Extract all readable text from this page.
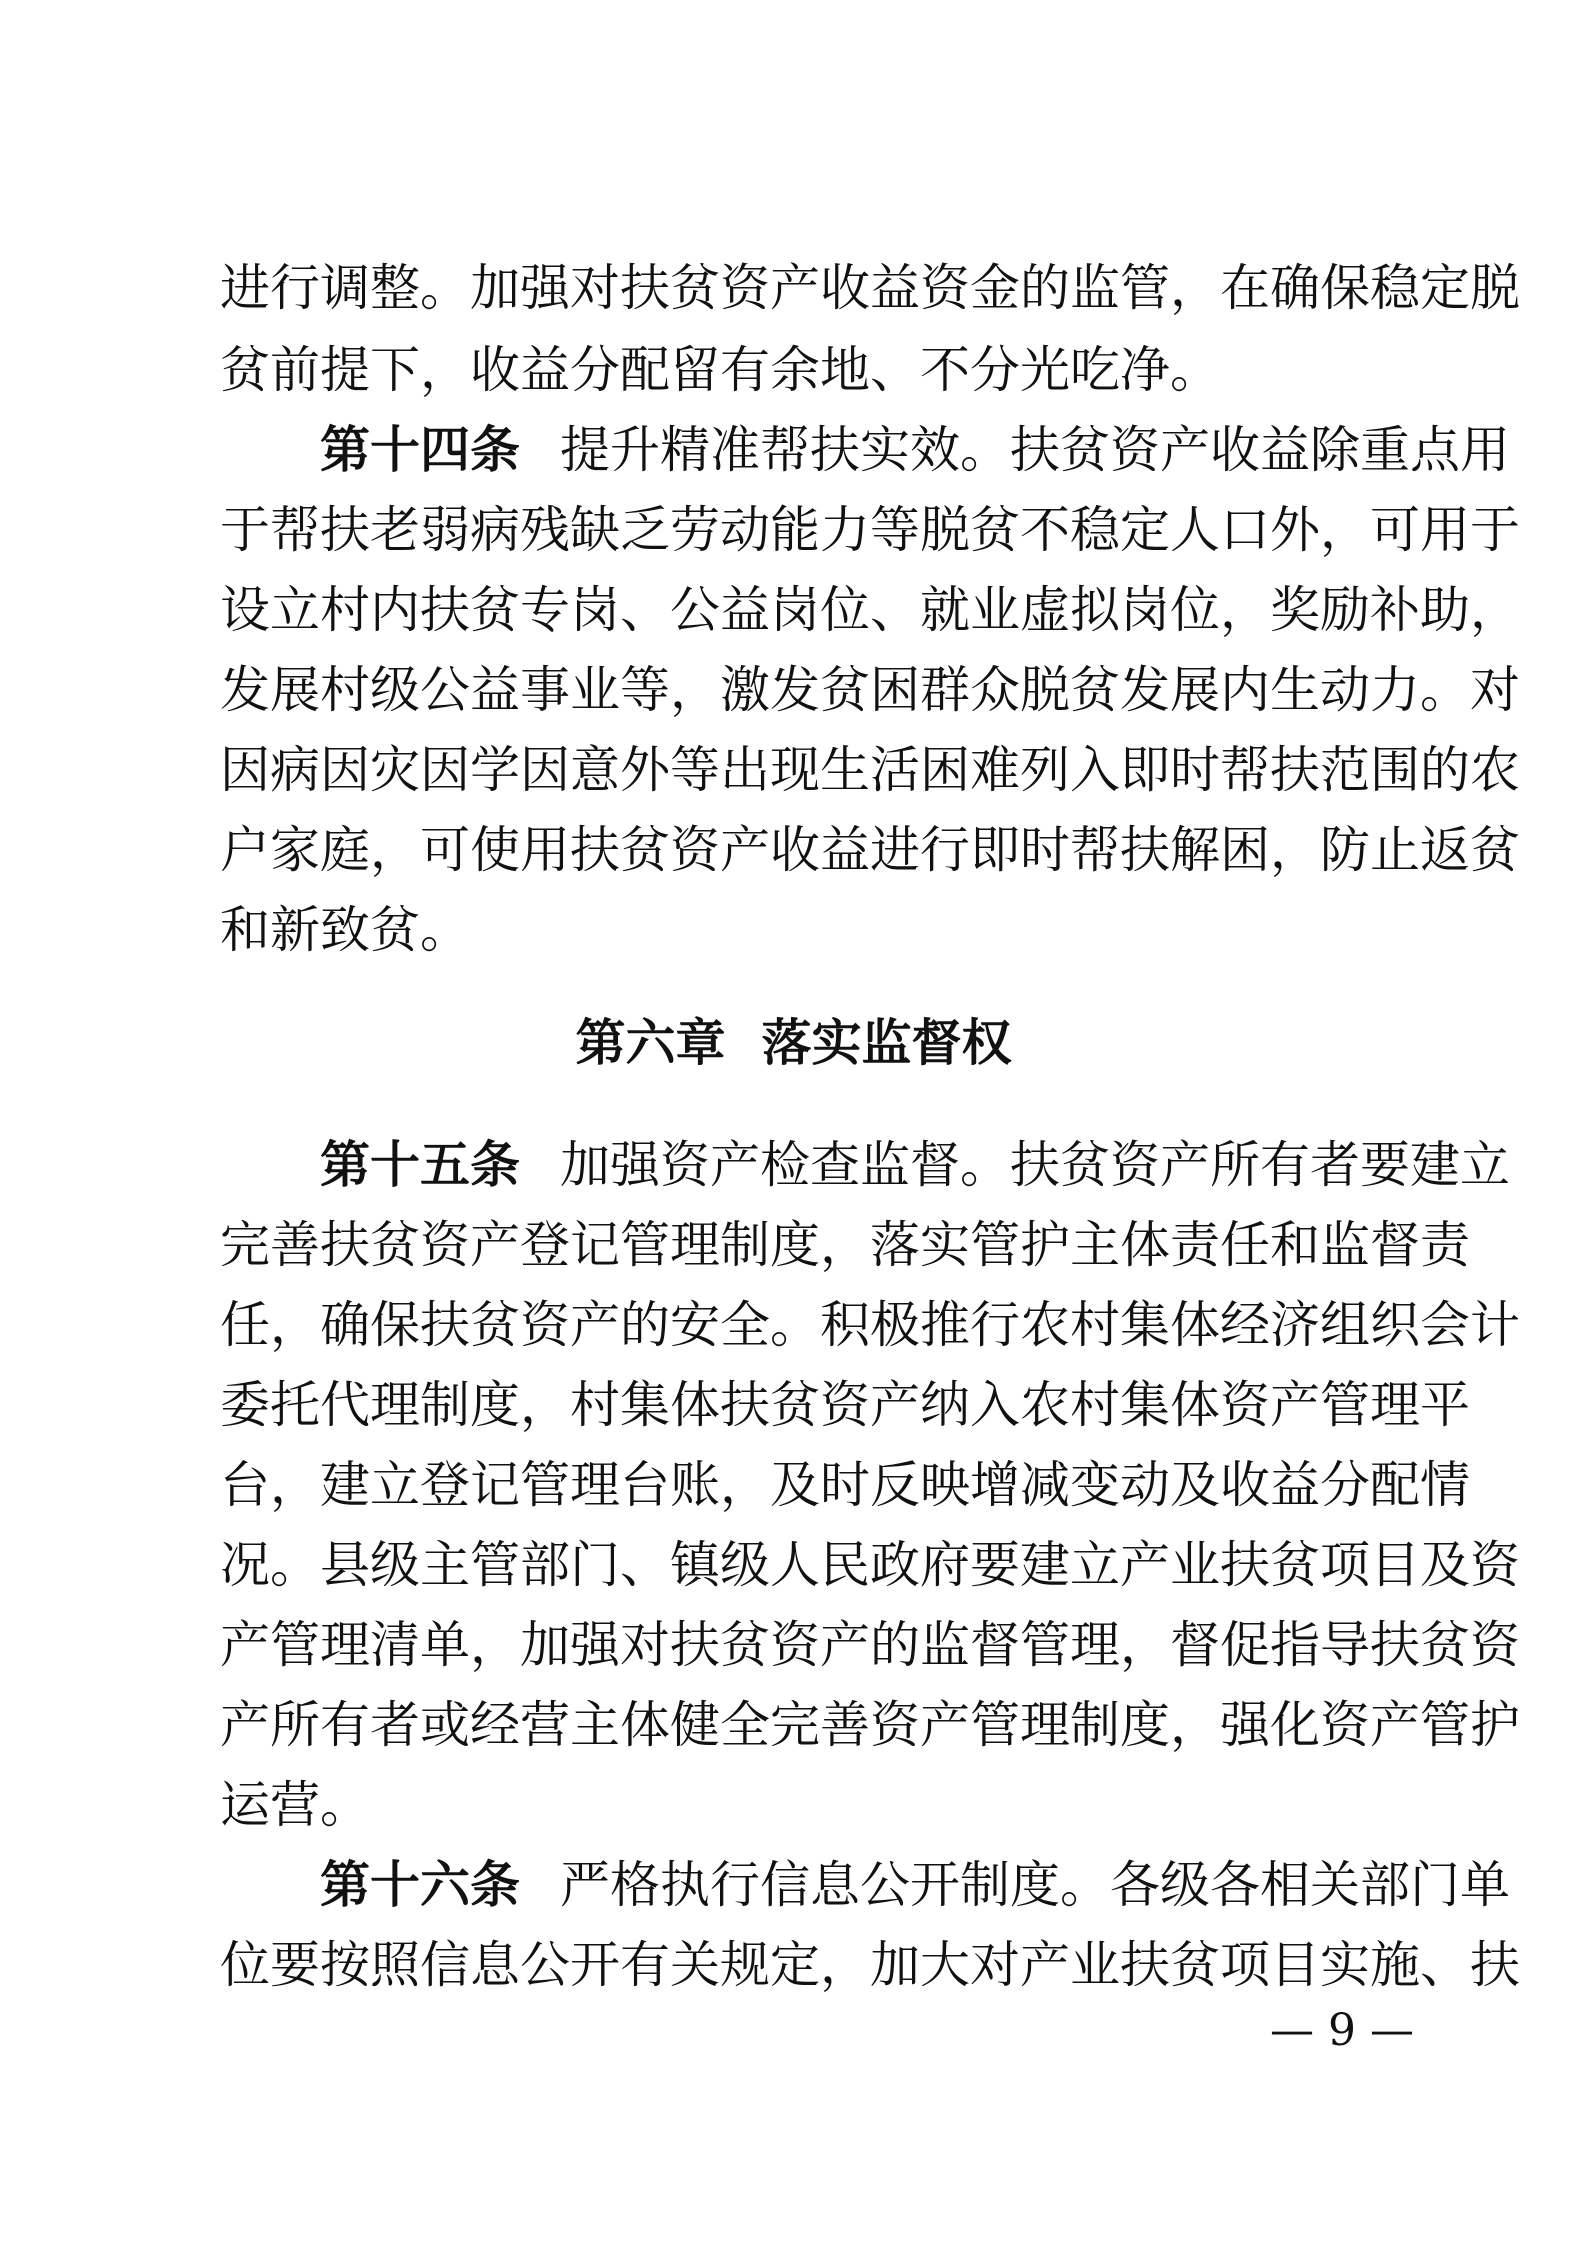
进行调整。加强对扶贫资产收益资金的监管，在确保稳定脱
贫前提下，收益分配留有余地、不分光吃净。
第十四条 提升精准帮扶实效。扶贫资产收益除重点用
于帮扶老弱病残缺乏劳动能力等脱贫不稳定人口外，可用于
设立村内扶贫专岗、公益岗位、就业虚拟岗位，奖励补助，
发展村级公益事业等，激发贫困群众脱贫发展内生动力。对
因病因灾因学因意外等出现生活困难列入即时帮扶范围的农
户家庭，可使用扶贫资产收益进行即时帮扶解困，防止返贫
和新致贫。
第六章 落实监督权
第十五条 加强资产检查监督。扶贫资产所有者要建立
完善扶贫资产登记管理制度，落实管护主体责任和监督责
任，确保扶贫资产的安全。积极推行农村集体经济组织会计
委托代理制度，村集体扶贫资产纳入农村集体资产管理平
台，建立登记管理台账，及时反映增减变动及收益分配情
况。县级主管部门、镇级人民政府要建立产业扶贫项目及资
产管理清单，加强对扶贫资产的监督管理，督促指导扶贫资
产所有者或经营主体健全完善资产管理制度，强化资产管护
运营。
第十六条 严格执行信息公开制度。各级各相关部门单
位要按照信息公开有关规定，加大对产业扶贫项目实施、扶
— 9 —
